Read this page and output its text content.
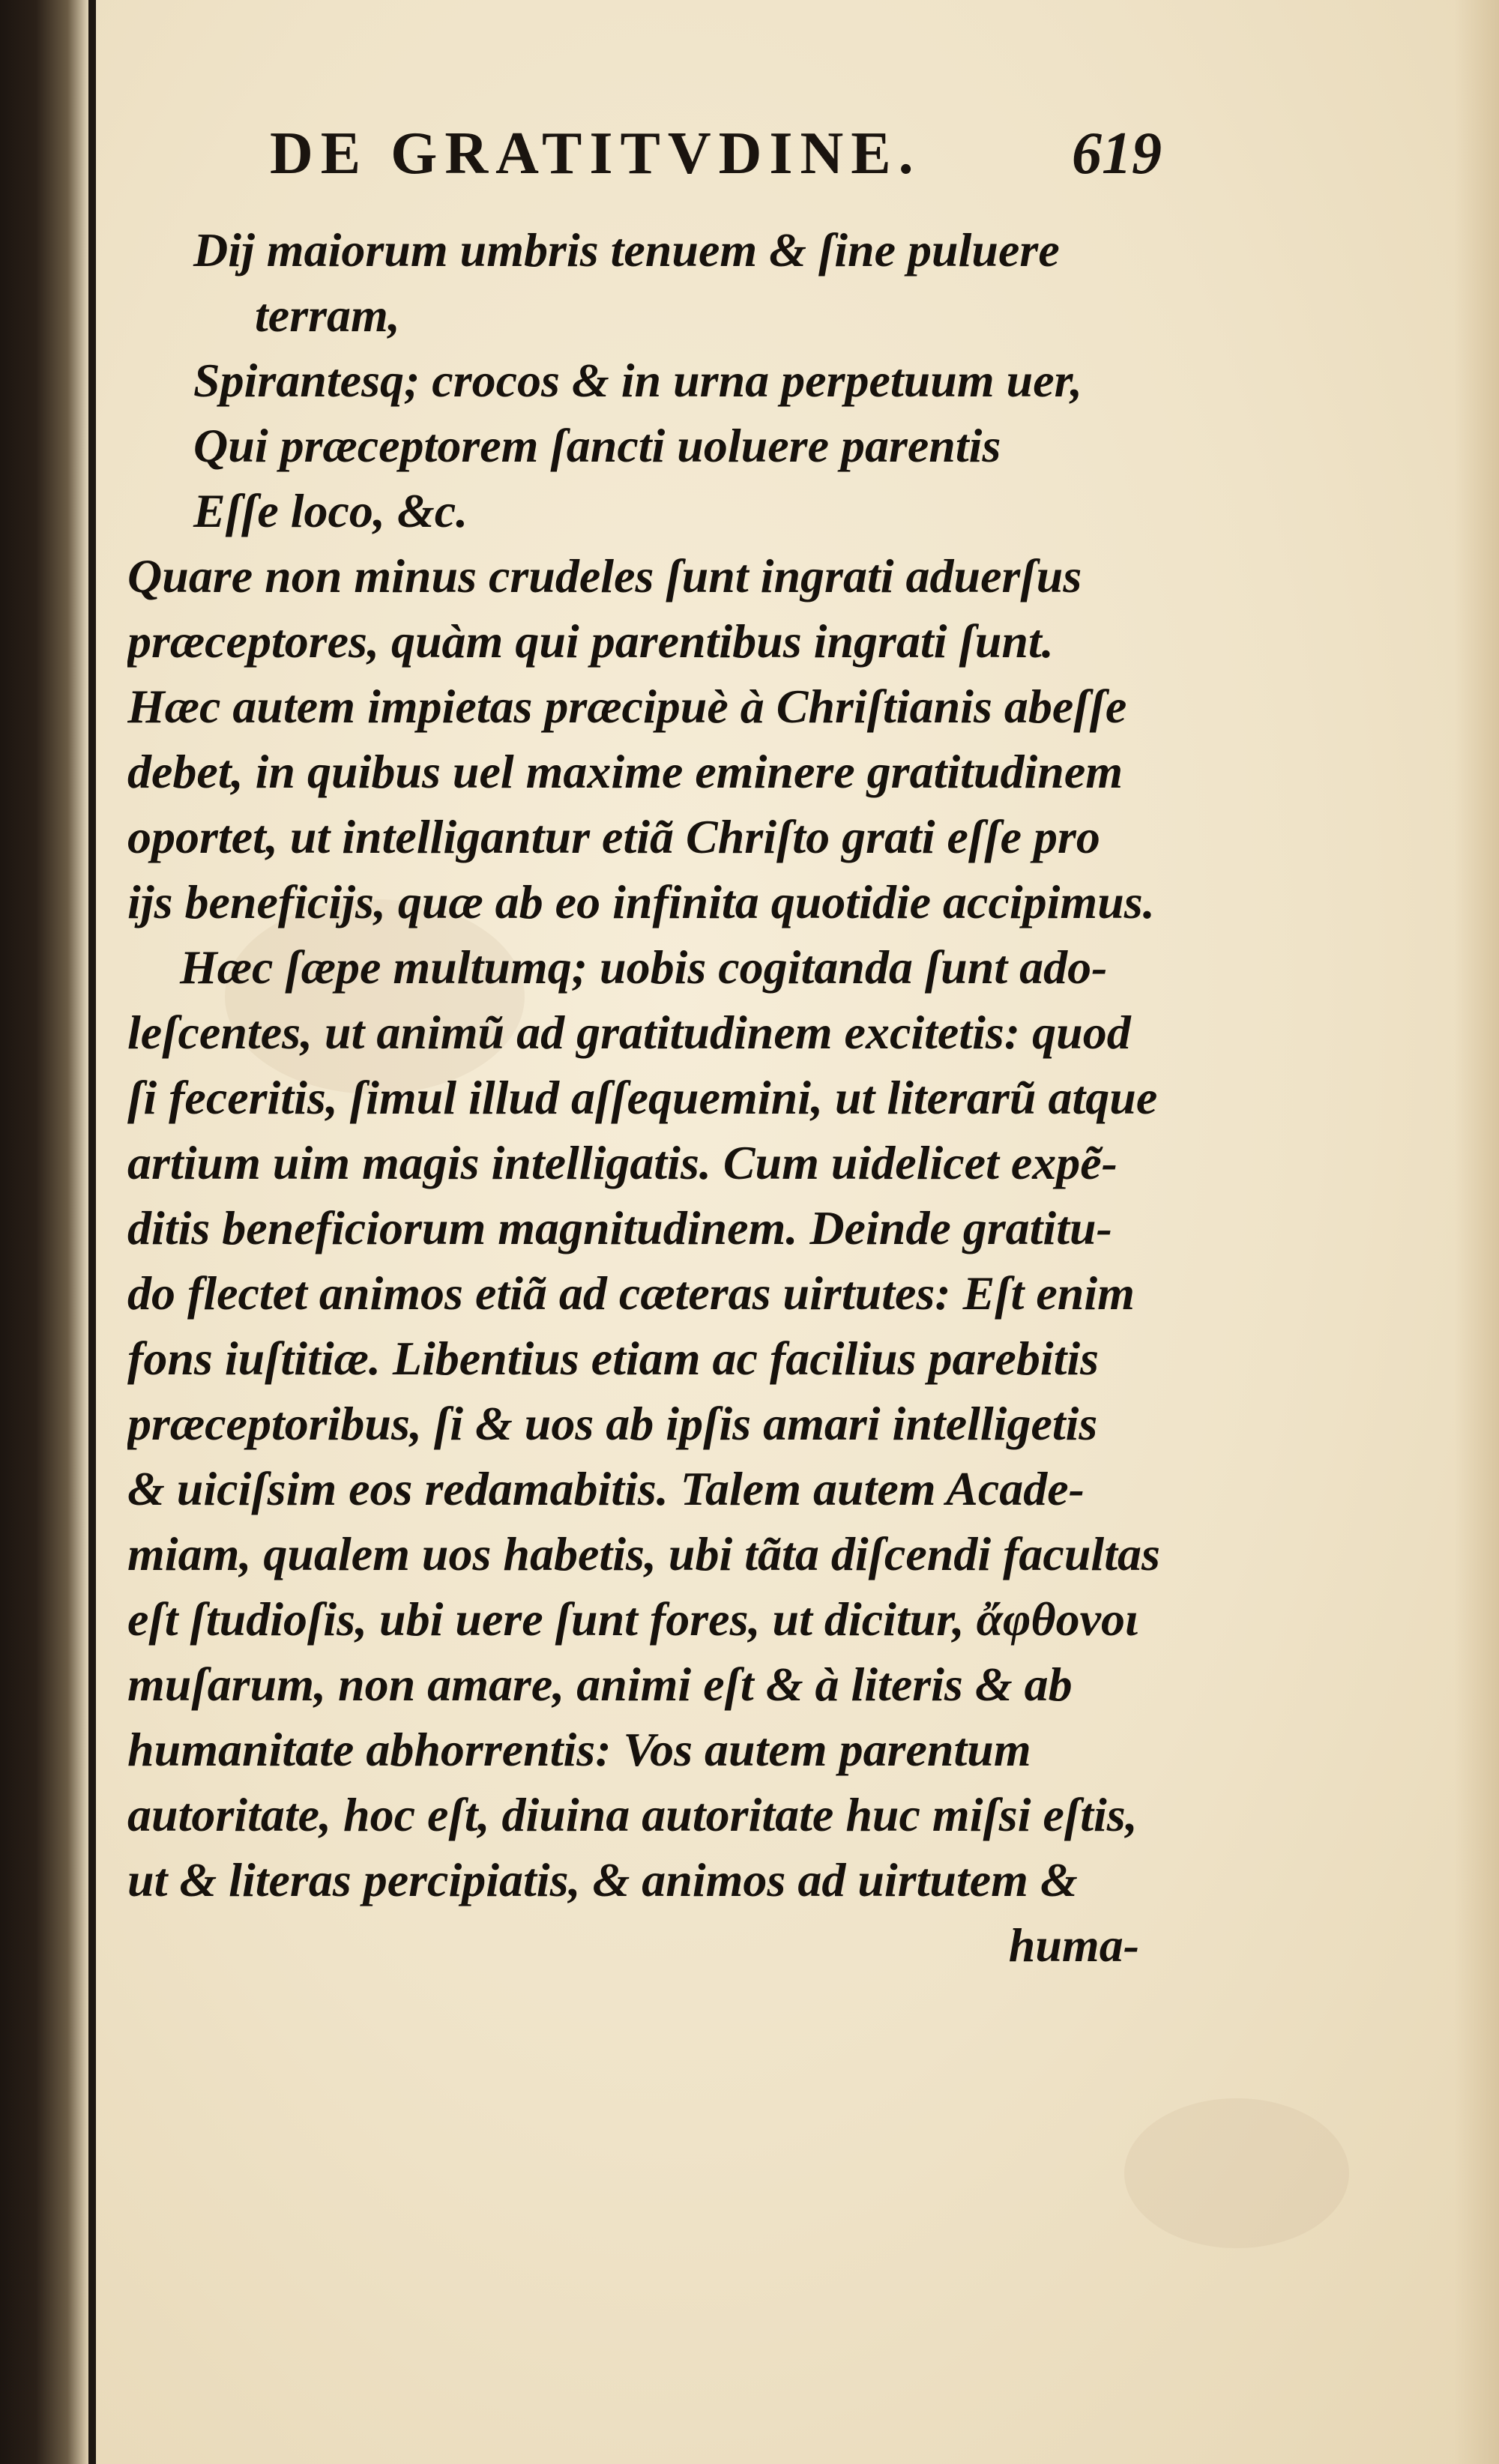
DE GRATITVDINE.	619
Dij maiorum umbris tenuem & ſine puluere
terram,
Spirantesq; crocos & in urna perpetuum uer,
Qui præceptorem ſancti uoluere parentis
Eſſe loco, &c.
Quare non minus crudeles ſunt ingrati aduerſus
præceptores, quàm qui parentibus ingrati ſunt.
Hæc autem impietas præcipuè à Chriſtianis abeſſe
debet, in quibus uel maxime eminere gratitudinem
oportet, ut intelligantur etiã Chriſto grati eſſe pro
ijs beneficijs, quæ ab eo infinita quotidie accipimus.
Hæc ſæpe multumq; uobis cogitanda ſunt ado-
leſcentes, ut animũ ad gratitudinem excitetis: quod
ſi feceritis, ſimul illud aſſequemini, ut literarũ atque
artium uim magis intelligatis. Cum uidelicet expẽ-
ditis beneficiorum magnitudinem. Deinde gratitu-
do flectet animos etiã ad cæteras uirtutes: Eſt enim
fons iuſtitiæ. Libentius etiam ac facilius parebitis
præceptoribus, ſi & uos ab ipſis amari intelligetis
& uiciſsim eos redamabitis. Talem autem Acade-
miam, qualem uos habetis, ubi tãta diſcendi facultas
eſt ſtudioſis, ubi uere ſunt fores, ut dicitur, ἄφθονοι
muſarum, non amare, animi eſt & à literis & ab
humanitate abhorrentis: Vos autem parentum
autoritate, hoc eſt, diuina autoritate huc miſsi eſtis,
ut & literas percipiatis, & animos ad uirtutem &
huma-
